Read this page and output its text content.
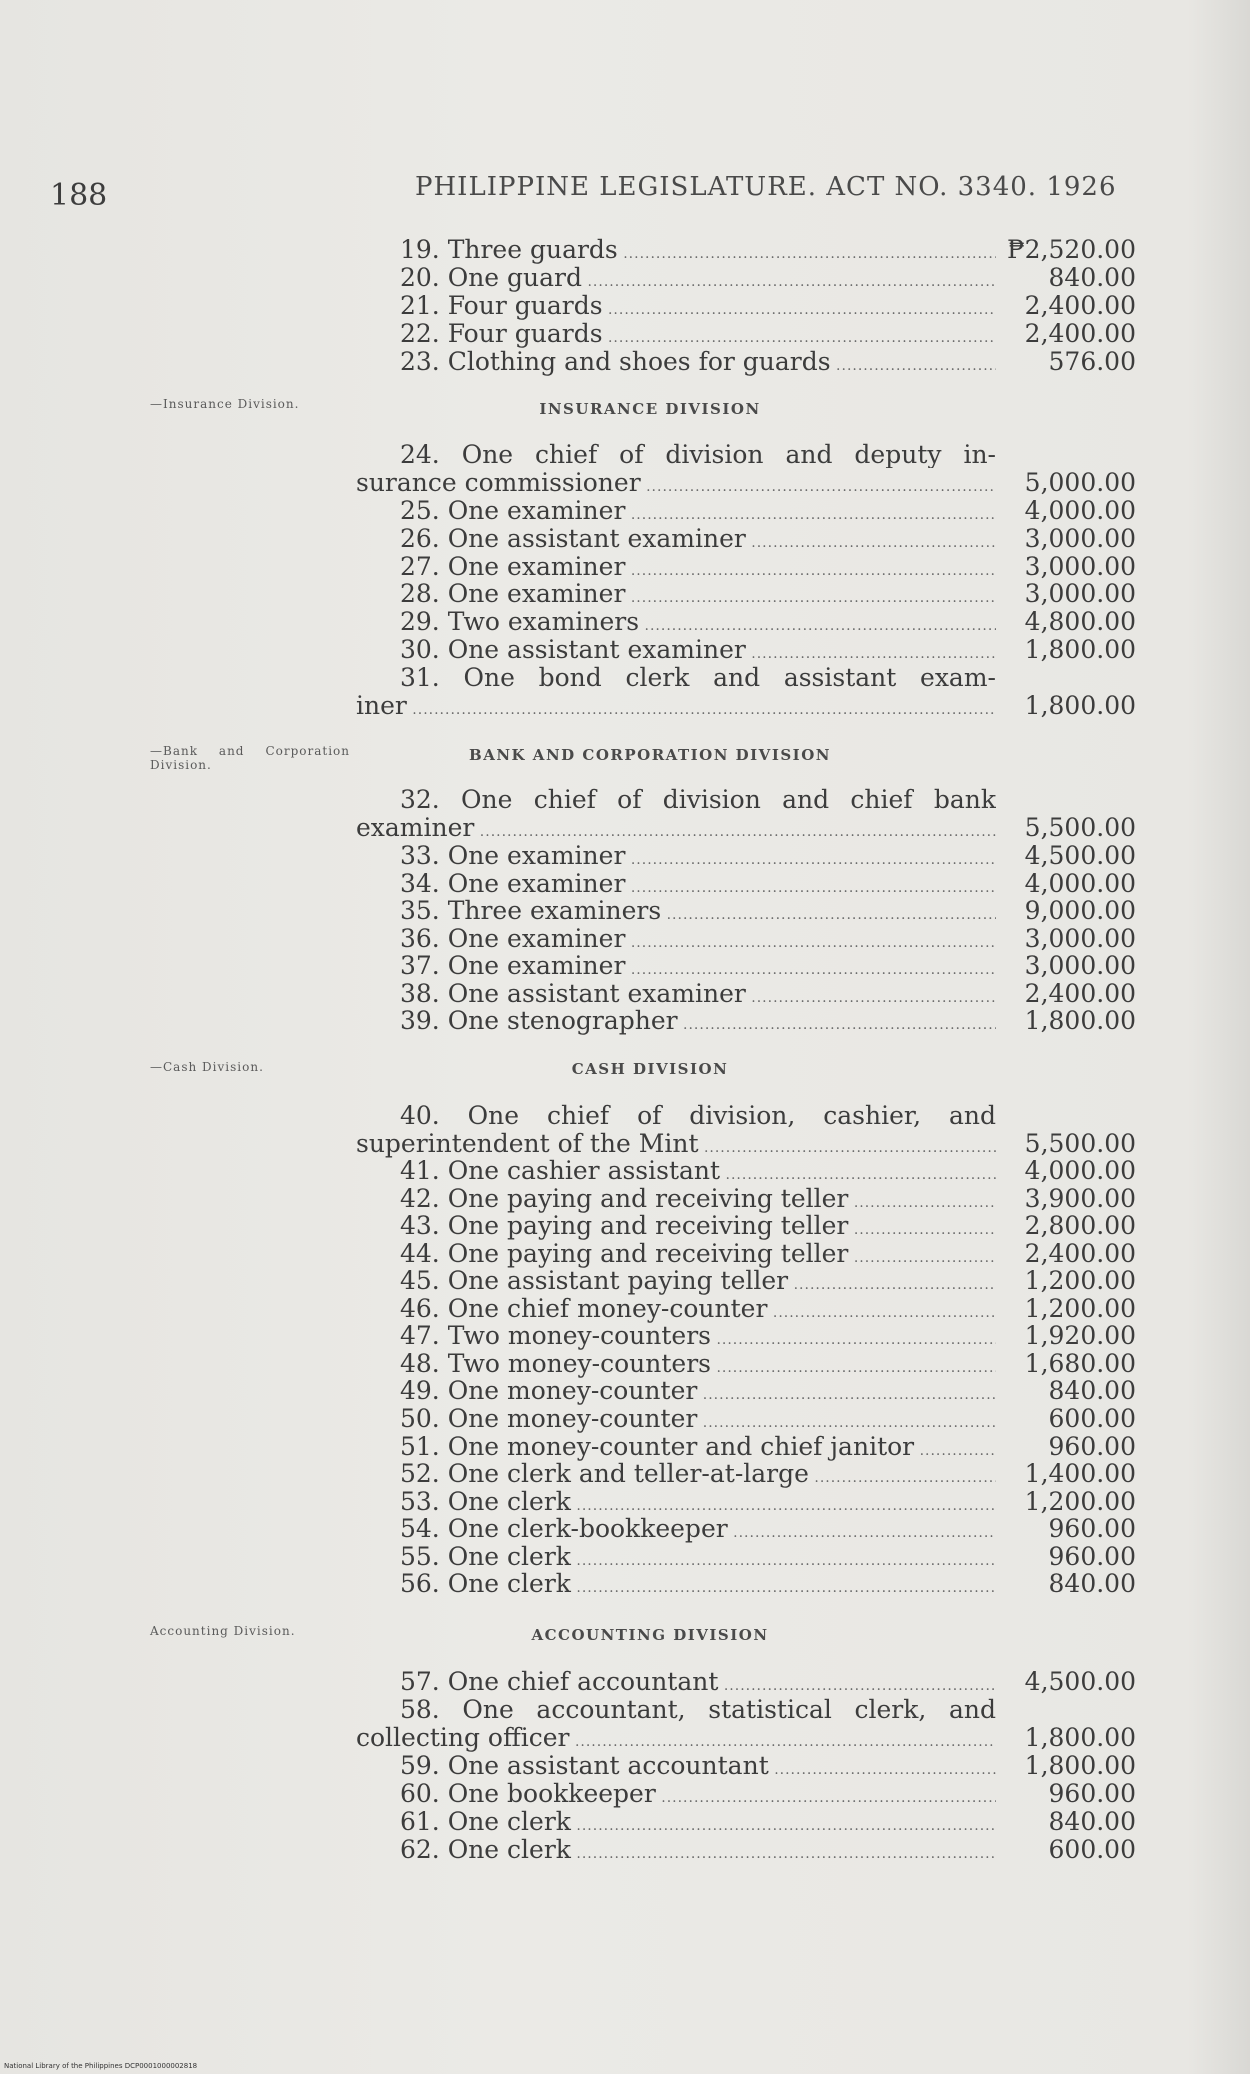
188	PHILIPPINE LEGISLATURE. ACT NO. 3340. 1926
19. Three guards .....	₱2,520.00
20. One guard .....	840.00
21. Four guards .....	2,400.00
22. Four guards .....	2,400.00
23. Clothing and shoes for guards .....	576.00
—Insurance Division.	INSURANCE DIVISION
24. One chief of division and deputy in-
surance commissioner .....	5,000.00
25. One examiner .....	4,000.00
26. One assistant examiner .....	3,000.00
27. One examiner .....	3,000.00
28. One examiner .....	3,000.00
29. Two examiners .....	4,800.00
30. One assistant examiner .....	1,800.00
31. One bond clerk and assistant exam-
iner .....	1,800.00
—Bank and Corporation Division.
BANK AND CORPORATION DIVISION
32. One chief of division and chief bank
examiner .....	5,500.00
33. One examiner .....	4,500.00
34. One examiner .....	4,000.00
35. Three examiners .....	9,000.00
36. One examiner .....	3,000.00
37. One examiner .....	3,000.00
38. One assistant examiner .....	2,400.00
39. One stenographer .....	1,800.00
—Cash Division.	CASH DIVISION
40. One chief of division, cashier, and
superintendent of the Mint .....	5,500.00
41. One cashier assistant .....	4,000.00
42. One paying and receiving teller .....	3,900.00
43. One paying and receiving teller .....	2,800.00
44. One paying and receiving teller .....	2,400.00
45. One assistant paying teller .....	1,200.00
46. One chief money-counter .....	1,200.00
47. Two money-counters .....	1,920.00
48. Two money-counters .....	1,680.00
49. One money-counter .....	840.00
50. One money-counter .....	600.00
51. One money-counter and chief janitor .....	960.00
52. One clerk and teller-at-large .....	1,400.00
53. One clerk .....	1,200.00
54. One clerk-bookkeeper .....	960.00
55. One clerk .....	960.00
56. One clerk .....	840.00
Accounting Division.	ACCOUNTING DIVISION
57. One chief accountant .....	4,500.00
58. One accountant, statistical clerk, and
collecting officer .....	1,800.00
59. One assistant accountant .....	1,800.00
60. One bookkeeper .....	960.00
61. One clerk .....	840.00
62. One clerk .....	600.00
National Library of the Philippines DCP0001000002818
